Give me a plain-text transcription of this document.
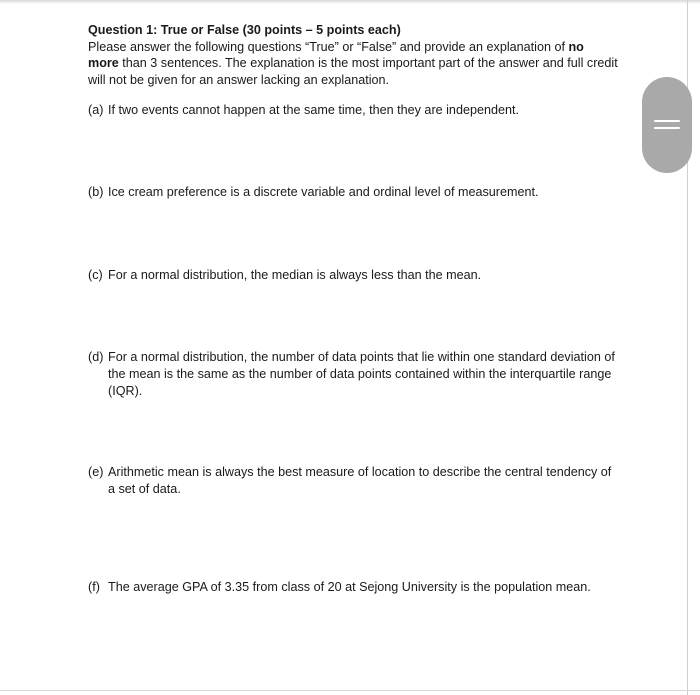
Question 1: True or False (30 points – 5 points each)

Please answer the following questions “True” or “False” and provide an explanation of no more than 3 sentences. The explanation is the most important part of the answer and full credit will not be given for an answer lacking an explanation.

(a) If two events cannot happen at the same time, then they are independent.
(b) Ice cream preference is a discrete variable and ordinal level of measurement.
(c) For a normal distribution, the median is always less than the mean.
(d) For a normal distribution, the number of data points that lie within one standard deviation of the mean is the same as the number of data points contained within the interquartile range (IQR).
(e) Arithmetic mean is always the best measure of location to describe the central tendency of a set of data.
(f) The average GPA of 3.35 from class of 20 at Sejong University is the population mean.
